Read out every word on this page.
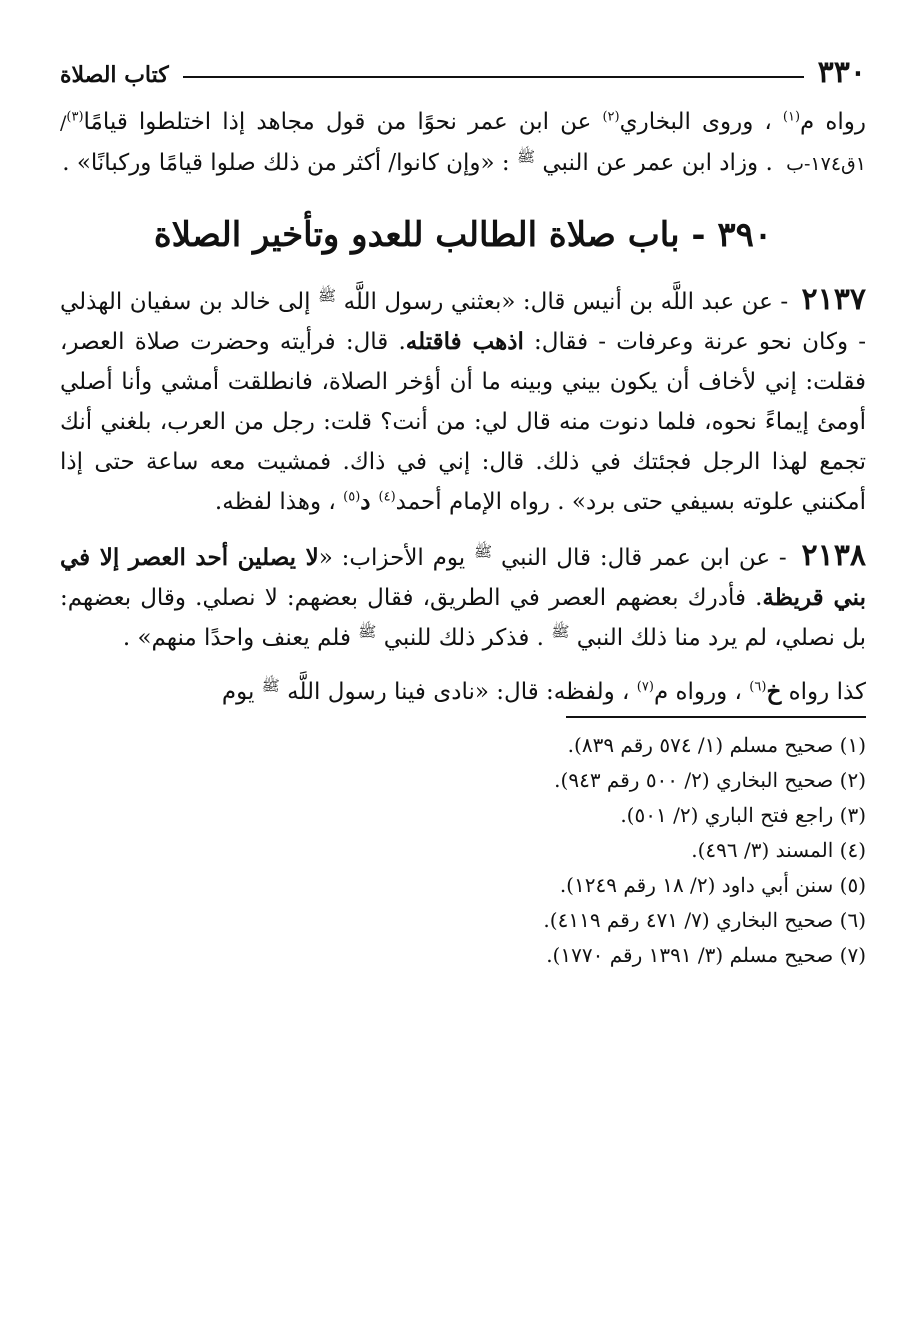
٣٣٠
كتاب الصلاة

رواه م$^{(١)}$ ، وروى البخاري$^{(٢)}$ عن ابن عمر نحوًا من قول مجاهد إذا اختلطوا قيامًا$^{(٣)}$/١ق١٧٤-ب . وزاد ابن عمر عن النبي $^ﷺ$ : «وإن كانوا/ أكثر من ذلك صلوا قيامًا وركبانًا» .

٣٩٠ - باب صلاة الطالب للعدو وتأخير الصلاة

٢١٣٧ - عن عبد اللَّه بن أنيس قال: «بعثني رسول اللَّه $^ﷺ$ إلى خالد بن سفيان الهذلي - وكان نحو عرنة وعرفات - فقال: اذهب فاقتله. قال: فرأيته وحضرت صلاة العصر، فقلت: إني لأخاف أن يكون بيني وبينه ما أن أؤخر الصلاة، فانطلقت أمشي وأنا أصلي أومئ إيماءً نحوه، فلما دنوت منه قال لي: من أنت؟ قلت: رجل من العرب، بلغني أنك تجمع لهذا الرجل فجئتك في ذلك. قال: إني في ذاك. فمشيت معه ساعة حتى إذا أمكنني علوته بسيفي حتى برد» . رواه الإمام أحمد$^{(٤)}$ د$^{(٥)}$ ، وهذا لفظه.

٢١٣٨ - عن ابن عمر قال: قال النبي $^ﷺ$ يوم الأحزاب: «لا يصلين أحد العصر إلا في بني قريظة. فأدرك بعضهم العصر في الطريق، فقال بعضهم: لا نصلي. وقال بعضهم: بل نصلي، لم يرد منا ذلك النبي $^ﷺ$ . فذكر ذلك للنبي $^ﷺ$ فلم يعنف واحدًا منهم» .

كذا رواه خ$^{(٦)}$ ، ورواه م$^{(٧)}$ ، ولفظه: قال: «نادى فينا رسول اللَّه $^ﷺ$ يوم

(١) صحيح مسلم (١/ ٥٧٤ رقم ٨٣٩).
(٢) صحيح البخاري (٢/ ٥٠٠ رقم ٩٤٣).
(٣) راجع فتح الباري (٢/ ٥٠١).
(٤) المسند (٣/ ٤٩٦).
(٥) سنن أبي داود (٢/ ١٨ رقم ١٢٤٩).
(٦) صحيح البخاري (٧/ ٤٧١ رقم ٤١١٩).
(٧) صحيح مسلم (٣/ ١٣٩١ رقم ١٧٧٠).
